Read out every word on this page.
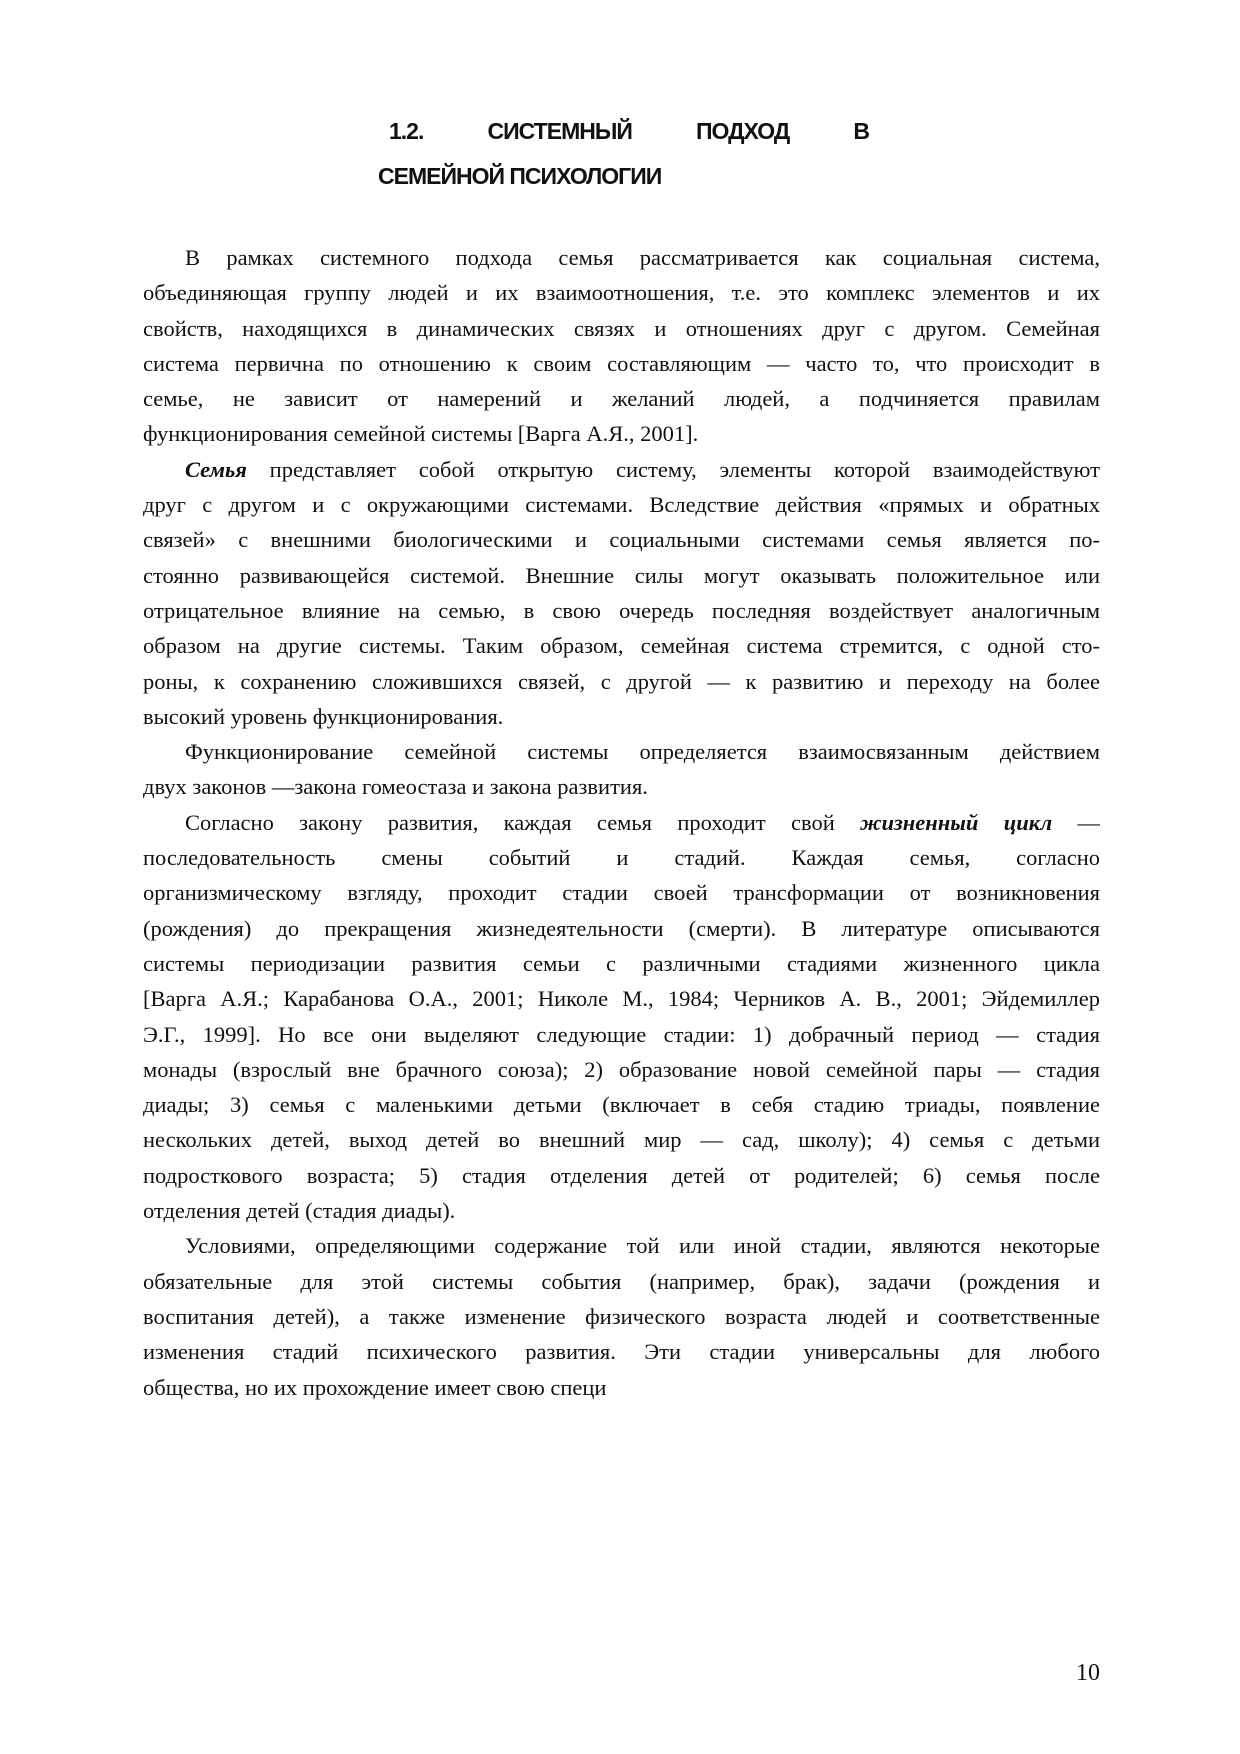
1.2.	СИСТЕМНЫЙ	ПОДХОД	В
СЕМЕЙНОЙ ПСИХОЛОГИИ
В рамках системного подхода семья рассматривается как социальная система,
объединяющая группу людей и их взаимоотношения, т.е. это комплекс элементов и их
свойств, находящихся в динамических связях и отношениях друг с другом. Семейная
система первична по отношению к своим составляющим — часто то, что происходит в
семье, не зависит от намерений и желаний людей, а подчиняется правилам
функционирования семейной системы [Варга А.Я., 2001].
Семья представляет собой открытую систему, элементы которой взаимодействуют
друг с другом и с окружающими системами. Вследствие действия «прямых и обратных
связей» с внешними биологическими и социальными системами семья является по-
стоянно развивающейся системой. Внешние силы могут оказывать положительное или
отрицательное влияние на семью, в свою очередь последняя воздействует аналогичным
образом на другие системы. Таким образом, семейная система стремится, с одной сто-
роны, к сохранению сложившихся связей, с другой — к развитию и переходу на более
высокий уровень функционирования.
Функционирование семейной системы определяется взаимосвязанным действием
двух законов —закона гомеостаза и закона развития.
Согласно закону развития, каждая семья проходит свой жизненный цикл —
последовательность смены событий и стадий. Каждая семья, согласно
организмическому взгляду, проходит стадии своей трансформации от возникновения
(рождения) до прекращения жизнедеятельности (смерти). В литературе описываются
системы периодизации развития семьи с различными стадиями жизненного цикла
[Варга А.Я.; Карабанова О.А., 2001; Николе М., 1984; Черников А. В., 2001; Эйдемиллер
Э.Г., 1999]. Но все они выделяют следующие стадии: 1) добрачный период — стадия
монады (взрослый вне брачного союза); 2) образование новой семейной пары — стадия
диады; 3) семья с маленькими детьми (включает в себя стадию триады, появление
нескольких детей, выход детей во внешний мир — сад, школу); 4) семья с детьми
подросткового возраста; 5) стадия отделения детей от родителей; 6) семья после
отделения детей (стадия диады).
Условиями, определяющими содержание той или иной стадии, являются некоторые
обязательные для этой системы события (например, брак), задачи (рождения и
воспитания детей), а также изменение физического возраста людей и соответственные
изменения стадий психического развития. Эти стадии универсальны для любого
общества, но их прохождение имеет свою специ
10
